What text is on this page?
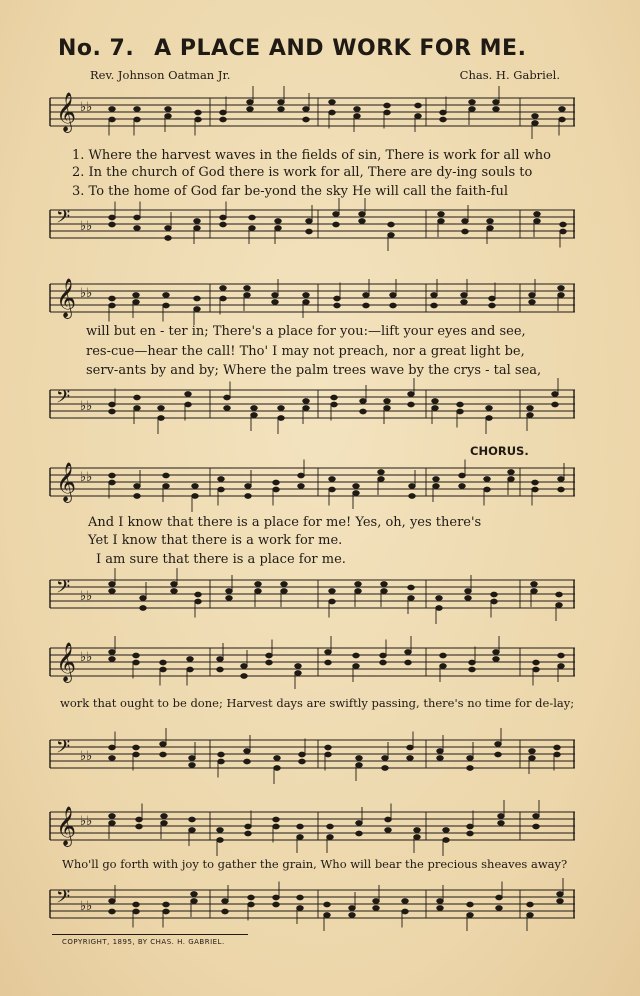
No. 7. A PLACE AND WORK FOR ME.
Rev. Johnson Oatman Jr.	Chas. H. Gabriel.
𝄞 ♭♭
1. Where the harvest waves in the fields of sin, There is work for all who
2. In the church of God there is work for all, There are dy-ing souls to
3. To the home of God far be-yond the sky He will call the faith-ful
𝄢 ♭♭
𝄞 ♭♭
will but en - ter in; There's a place for you:—lift your eyes and see,
res-cue—hear the call! Tho' I may not preach, nor a great light be,
serv-ants by and by; Where the palm trees wave by the crys - tal sea,
𝄢 ♭♭
CHORUS.
𝄞 ♭♭
And I know that there is a place for me! Yes, oh, yes there's
Yet I know that there is a work for me.
I am sure that there is a place for me.
𝄢 ♭♭
𝄞 ♭♭
work that ought to be done; Harvest days are swiftly passing, there's no time for de-lay;
𝄢 ♭♭
𝄞 ♭♭
Who'll go forth with joy to gather the grain, Who will bear the precious sheaves away?
𝄢 ♭♭
COPYRIGHT, 1895, BY CHAS. H. GABRIEL.
